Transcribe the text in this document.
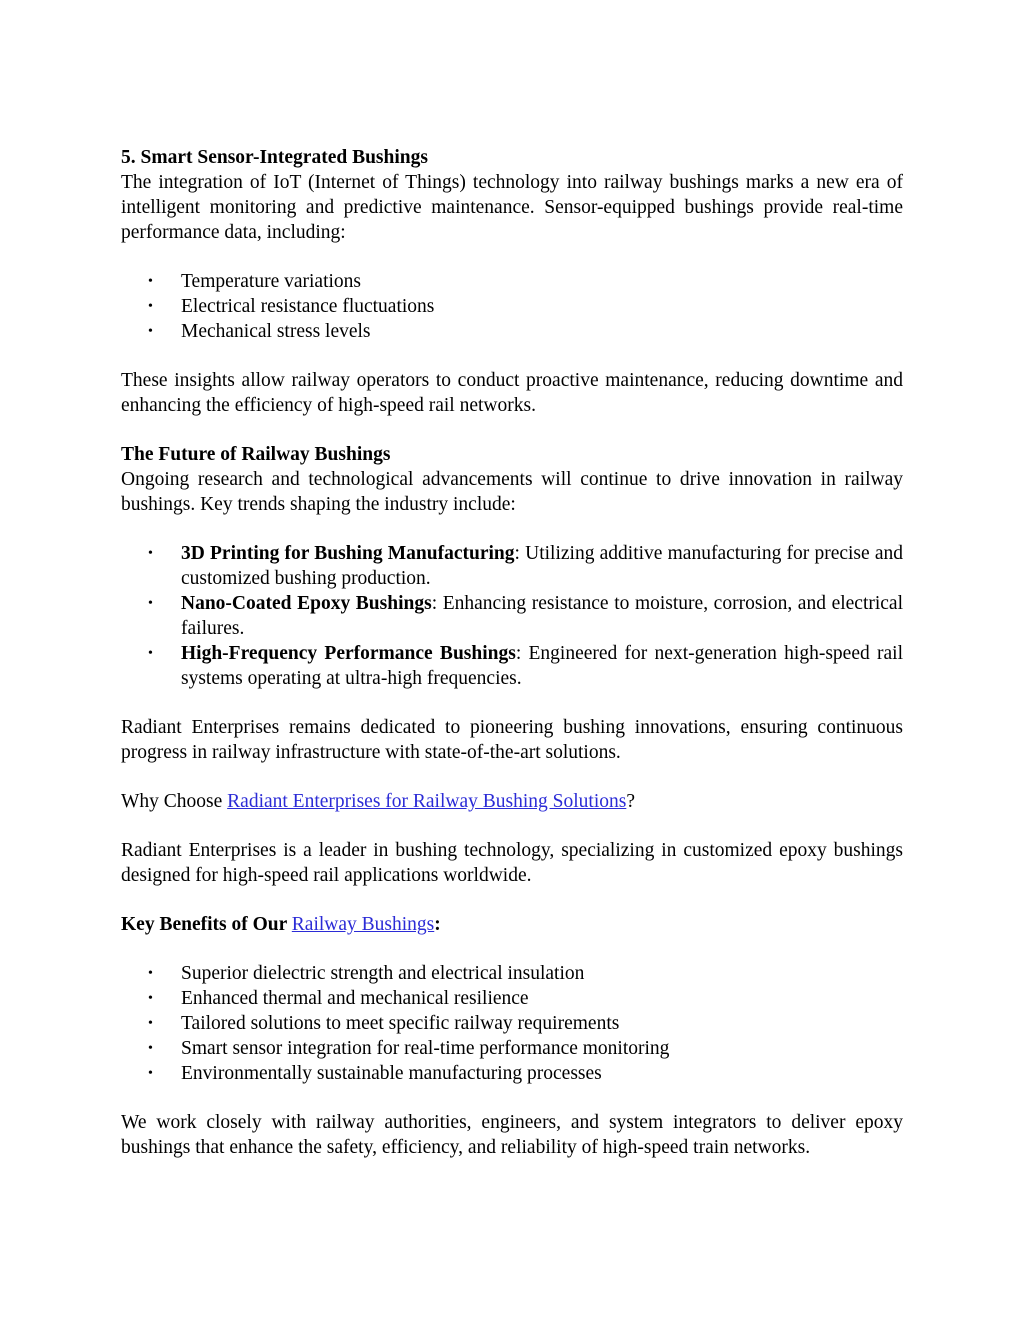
5. Smart Sensor-Integrated Bushings

The integration of IoT (Internet of Things) technology into railway bushings marks a new era of intelligent monitoring and predictive maintenance. Sensor-equipped bushings provide real-time performance data, including:

• Temperature variations
• Electrical resistance fluctuations
• Mechanical stress levels

These insights allow railway operators to conduct proactive maintenance, reducing downtime and enhancing the efficiency of high-speed rail networks.

The Future of Railway Bushings

Ongoing research and technological advancements will continue to drive innovation in railway bushings. Key trends shaping the industry include:

• 3D Printing for Bushing Manufacturing: Utilizing additive manufacturing for precise and customized bushing production.
• Nano-Coated Epoxy Bushings: Enhancing resistance to moisture, corrosion, and electrical failures.
• High-Frequency Performance Bushings: Engineered for next-generation high-speed rail systems operating at ultra-high frequencies.

Radiant Enterprises remains dedicated to pioneering bushing innovations, ensuring continuous progress in railway infrastructure with state-of-the-art solutions.

Why Choose Radiant Enterprises for Railway Bushing Solutions?

Radiant Enterprises is a leader in bushing technology, specializing in customized epoxy bushings designed for high-speed rail applications worldwide.

Key Benefits of Our Railway Bushings:
• Superior dielectric strength and electrical insulation
• Enhanced thermal and mechanical resilience
• Tailored solutions to meet specific railway requirements
• Smart sensor integration for real-time performance monitoring
• Environmentally sustainable manufacturing processes

We work closely with railway authorities, engineers, and system integrators to deliver epoxy bushings that enhance the safety, efficiency, and reliability of high-speed train networks.
